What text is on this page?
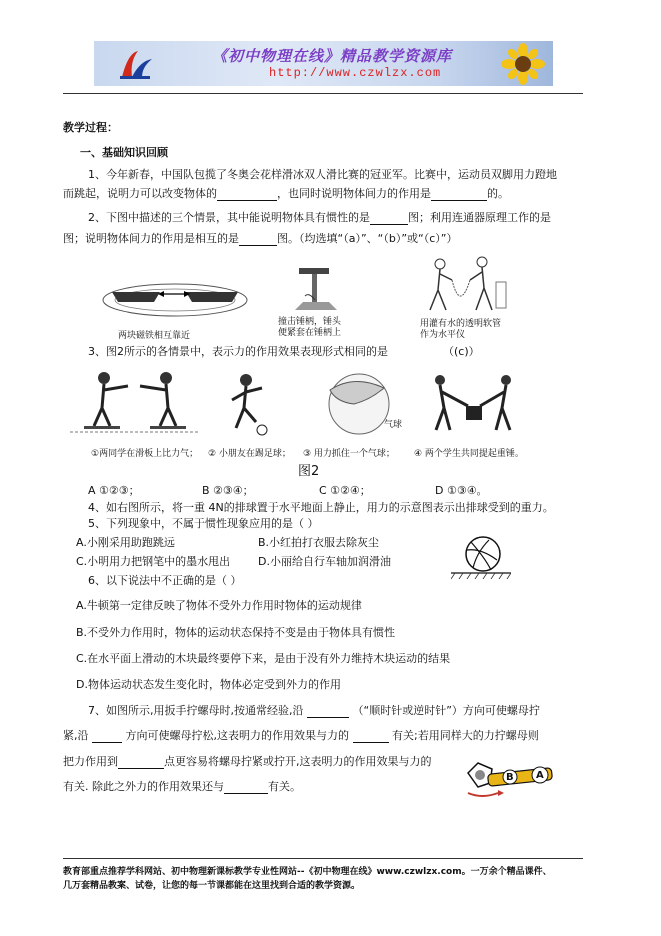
《初中物理在线》精品教学资源库
http://www.czwlzx.com
教学过程：
一、基础知识回顾
1、今年新春，中国队包揽了冬奥会花样滑冰双人滑比赛的冠亚军。比赛中，运动员双脚用力蹬地
而跳起，说明力可以改变物体的	，也同时说明物体间力的作用是	的。
2、下图中描述的三个情景，其中能说明物体具有惯性的是	图；利用连通器原理工作的是
图；说明物体间力的作用是相互的是	图。（均选填“（a）”、“（b）”或“（c）”）
两块磁铁相互靠近
撞击锤柄，锤头
便紧套在锤柄上
用灌有水的透明软管
作为水平仪
3、图2所示的各情景中，表示力的作用效果表现形式相同的是	（(c)）
气球
①两同学在滑板上比力气； ② 小朋友在踢足球； ③ 用力抓住一个气球； ④ 两个学生共同提起重锤。
图2
A ①②③；	B ②③④；	C ①②④；	D ①③④。
4、如右图所示，将一重 4N的排球置于水平地面上静止，用力的示意图表示出排球受到的重力。
5、下列现象中，不属于惯性现象应用的是（ ）
A.小刚采用助跑跳远	B.小红拍打衣服去除灰尘
C.小明用力把钢笔中的墨水甩出	D.小丽给自行车轴加润滑油
6、以下说法中不正确的是（ ）
A.牛顿第一定律反映了物体不受外力作用时物体的运动规律
B.不受外力作用时，物体的运动状态保持不变是由于物体具有惯性
C.在水平面上滑动的木块最终要停下来，是由于没有外力维持木块运动的结果
D.物体运动状态发生变化时，物体必定受到外力的作用
7、如图所示,用扳手拧螺母时,按通常经验,沿	（“顺时针或逆时针”）方向可使螺母拧
紧,沿	方向可使螺母拧松,这表明力的作用效果与力的	有关;若用同样大的力拧螺母则
把力作用到	点更容易将螺母拧紧或拧开,这表明力的作用效果与力的
有关. 除此之外力的作用效果还与	有关。
B A
教育部重点推荐学科网站、初中物理新课标教学专业性网站--《初中物理在线》www.czwlzx.com。一万余个精品课件、
几万套精品教案、试卷，让您的每一节课都能在这里找到合适的教学资源。
